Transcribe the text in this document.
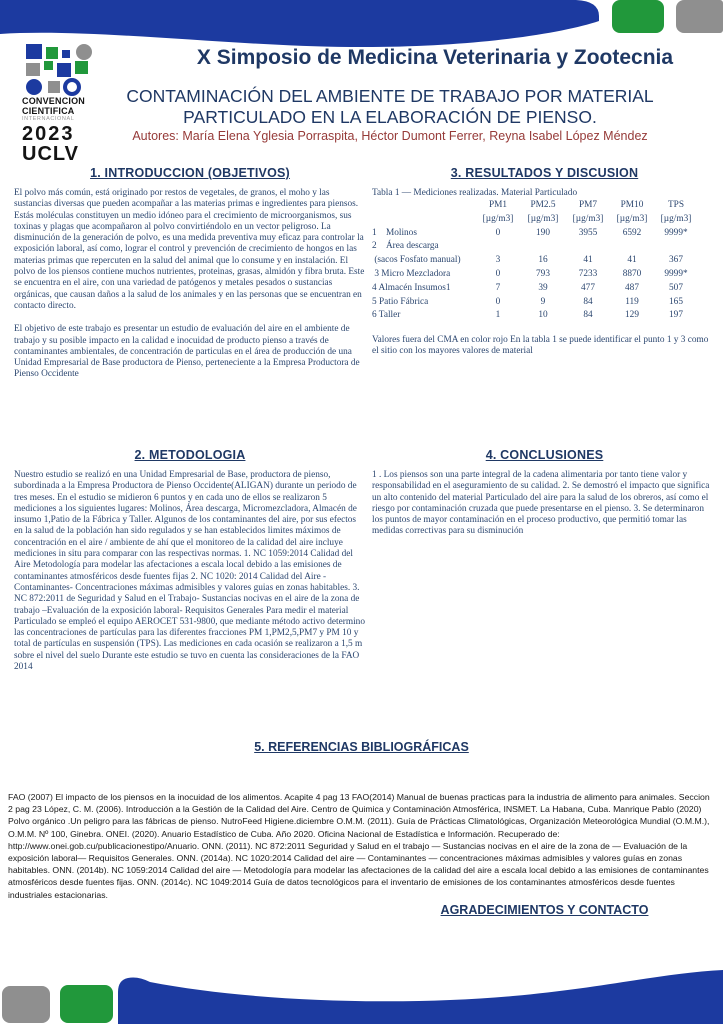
CONVENCION
CIENTIFICA
INTERNACIONAL
2023
UCLV
X Simposio de Medicina Veterinaria y Zootecnia
CONTAMINACIÓN DEL AMBIENTE DE TRABAJO POR MATERIAL
PARTICULADO EN LA ELABORACIÓN DE PIENSO.
Autores: María Elena Yglesia Porraspita, Héctor Dumont Ferrer, Reyna Isabel López Méndez
1. INTRODUCCION (OBJETIVOS)

El polvo más común, está originado por restos de vegetales, de granos, el moho y las sustancias diversas que pueden acompañar a las materias primas e ingredientes para piensos. Estás moléculas constituyen un medio idóneo para el crecimiento de microorganismos, sus toxinas y plagas que acompañaron al polvo convirtiéndolo en un vector peligroso. La disminución de la generación de polvo, es una medida preventiva muy eficaz para controlar la exposición laboral, así como, lograr el control y prevención de crecimiento de hongos en las materias primas que repercuten en la salud del animal que lo consume y en instalación. El polvo de los piensos contiene muchos nutrientes, proteinas, grasas, almidón y fibra bruta. Este se encuentra en el aire, con una variedad de patógenos y metales pesados o sustancias orgánicas, que causan daños a la salud de los animales y en las personas que se encuentran en contacto directo.

El objetivo de este trabajo es presentar un estudio de evaluación del aire en el ambiente de trabajo y su posible impacto en la calidad e inocuidad de producto pienso a través de contaminantes ambientales, de concentración de particulas en el área de producción de una Unidad Empresarial de Base productora de Pienso, perteneciente a la Empresa Productora de Pienso Occidente

3. RESULTADOS Y DISCUSION
Tabla 1 — Mediciones realizadas. Material Particulado
	PM1	PM2.5	PM7	PM10	TPS
	[µg/m3]	[µg/m3]	[µg/m3]	[µg/m3]	[µg/m3]
1    Molinos	0	190	3955	6592	9999*
2    Área descarga					
(sacos Fosfato manual)	3	16	41	41	367
3 Micro Mezcladora	0	793	7233	8870	9999*
4 Almacén Insumos1	7	39	477	487	507
5 Patio Fábrica	0	9	84	119	165
6 Taller	1	10	84	129	197
Valores fuera del CMA en color rojo En la tabla 1 se puede identificar el punto 1 y 3 como el sitio con los mayores valores de material
2. METODOLOGIA

Nuestro estudio se realizó en una Unidad Empresarial de Base, productora de pienso, subordinada a la Empresa Productora de Pienso Occidente(ALIGAN) durante un periodo de tres meses. En el estudio se midieron 6 puntos y en cada uno de ellos se realizaron 5 mediciones a los siguientes lugares: Molinos, Área descarga, Micromezcladora, Almacén de insumo 1,Patio de la Fábrica y Taller. Algunos de los contaminantes del aire, por sus efectos en la salud de la población han sido regulados y se han establecidos limites máximos de concentración en el aire / ambiente de ahí que el monitoreo de la calidad del aire incluye mediciones in situ para comparar con las respectivas normas. 1. NC 1059:2014 Calidad del Aire Metodología para modelar las afectaciones a escala local debido a las emisiones de contaminantes atmosféricos desde fuentes fijas 2. NC 1020: 2014 Calidad del Aire -Contaminantes- Concentraciones máximas admisibles y valores guias en zonas habitables. 3. NC 872:2011 de Seguridad y Salud en el Trabajo- Sustancias nocivas en el aire de la zona de trabajo –Evaluación de la exposición laboral- Requisitos Generales Para medir el material Particulado se empleó el equipo AEROCET 531-9800, que mediante método activo determino las concentraciones de partículas para las diferentes fracciones PM 1,PM2,5,PM7 y PM 10 y total de partículas en suspensión (TPS). Las mediciones en cada ocasión se realizaron a 1,5 m sobre el nivel del suelo Durante este estudio se tuvo en cuenta las consideraciones de la FAO 2014

4. CONCLUSIONES

1 . Los piensos son una parte integral de la cadena alimentaria por tanto tiene valor y responsabilidad en el aseguramiento de su calidad. 2. Se demostró el impacto que significa un alto contenido del material Particulado del aire para la salud de los obreros, así como el riesgo por contaminación cruzada que puede presentarse en el pienso. 3. Se determinaron los puntos de mayor contaminación en el proceso productivo, que permitió tomar las medidas correctivas para su disminución

5. REFERENCIAS BIBLIOGRÁFICAS
FAO (2007) El impacto de los piensos en la inocuidad de los alimentos. Acapite 4 pag 13 FAO(2014) Manual de buenas practicas para la industria de alimento para animales. Seccion 2 pag 23 López, C. M. (2006). Introducción a la Gestión de la Calidad del Aire. Centro de Quimica y Contaminación Atmosférica, INSMET. La Habana, Cuba. Manrique Pablo (2020) Polvo orgánico .Un peligro para las fábricas de pienso. NutroFeed Higiene.diciembre O.M.M. (2011). Guía de Prácticas Climatológicas, Organización Meteorológica Mundial (O.M.M.), O.M.M. Nº 100, Ginebra. ONEI. (2020). Anuario Estadístico de Cuba. Año 2020. Oficina Nacional de Estadística e Información. Recuperado de: http://www.onei.gob.cu/publicacionestipo/Anuario. ONN. (2011). NC 872:2011 Seguridad y Salud en el trabajo — Sustancias nocivas en el aire de la zona de — Evaluación de la exposición laboral— Requisitos Generales. ONN. (2014a). NC 1020:2014 Calidad del aire — Contaminantes — concentraciones máximas admisibles y valores guías en zonas habitables. ONN. (2014b). NC 1059:2014 Calidad del aire — Metodología para modelar las afectaciones de la calidad del aire a escala local debido a las emisiones de contaminantes atmosféricos desde fuentes fijas. ONN. (2014c). NC 1049:2014 Guía de datos tecnológicos para el inventario de emisiones de los contaminantes atmosféricos desde fuentes industriales estacionarias.
AGRADECIMIENTOS Y CONTACTO
